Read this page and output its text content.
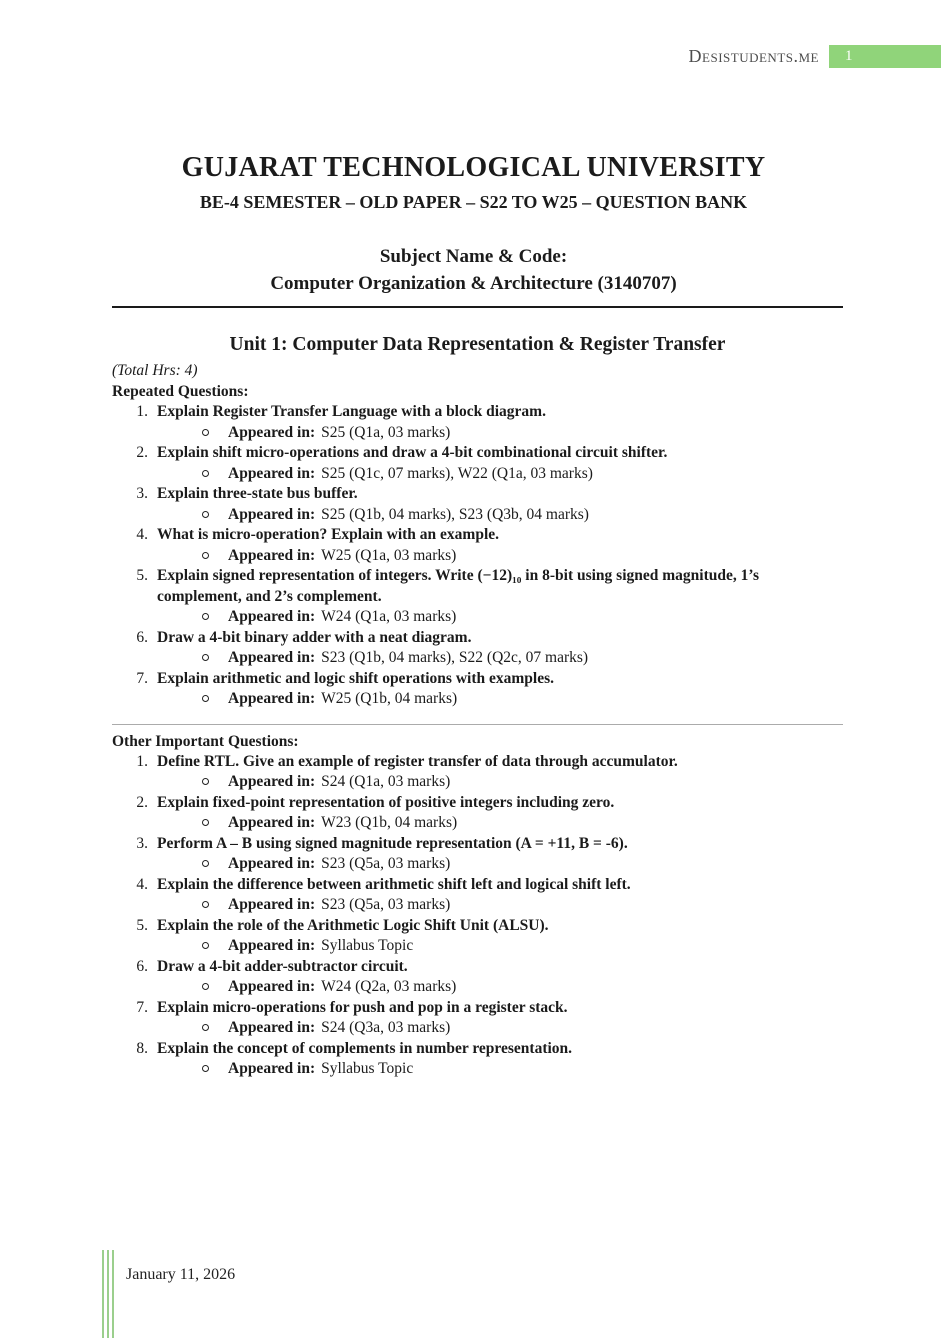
Desistudents.me	1
GUJARAT TECHNOLOGICAL UNIVERSITY
BE-4 SEMESTER – OLD PAPER – S22 TO W25 – QUESTION BANK
Subject Name & Code:
Computer Organization & Architecture (3140707)
Unit 1: Computer Data Representation & Register Transfer
(Total Hrs: 4)
Repeated Questions:
1. Explain Register Transfer Language with a block diagram.
Appeared in: S25 (Q1a, 03 marks)
2. Explain shift micro-operations and draw a 4-bit combinational circuit shifter.
Appeared in: S25 (Q1c, 07 marks), W22 (Q1a, 03 marks)
3. Explain three-state bus buffer.
Appeared in: S25 (Q1b, 04 marks), S23 (Q3b, 04 marks)
4. What is micro-operation? Explain with an example.
Appeared in: W25 (Q1a, 03 marks)
5. Explain signed representation of integers. Write (−12)₁₀ in 8-bit using signed magnitude, 1’s complement, and 2’s complement.
Appeared in: W24 (Q1a, 03 marks)
6. Draw a 4-bit binary adder with a neat diagram.
Appeared in: S23 (Q1b, 04 marks), S22 (Q2c, 07 marks)
7. Explain arithmetic and logic shift operations with examples.
Appeared in: W25 (Q1b, 04 marks)
Other Important Questions:
1. Define RTL. Give an example of register transfer of data through accumulator.
Appeared in: S24 (Q1a, 03 marks)
2. Explain fixed-point representation of positive integers including zero.
Appeared in: W23 (Q1b, 04 marks)
3. Perform A – B using signed magnitude representation (A = +11, B = -6).
Appeared in: S23 (Q5a, 03 marks)
4. Explain the difference between arithmetic shift left and logical shift left.
Appeared in: S23 (Q5a, 03 marks)
5. Explain the role of the Arithmetic Logic Shift Unit (ALSU).
Appeared in: Syllabus Topic
6. Draw a 4-bit adder-subtractor circuit.
Appeared in: W24 (Q2a, 03 marks)
7. Explain micro-operations for push and pop in a register stack.
Appeared in: S24 (Q3a, 03 marks)
8. Explain the concept of complements in number representation.
Appeared in: Syllabus Topic
January 11, 2026
